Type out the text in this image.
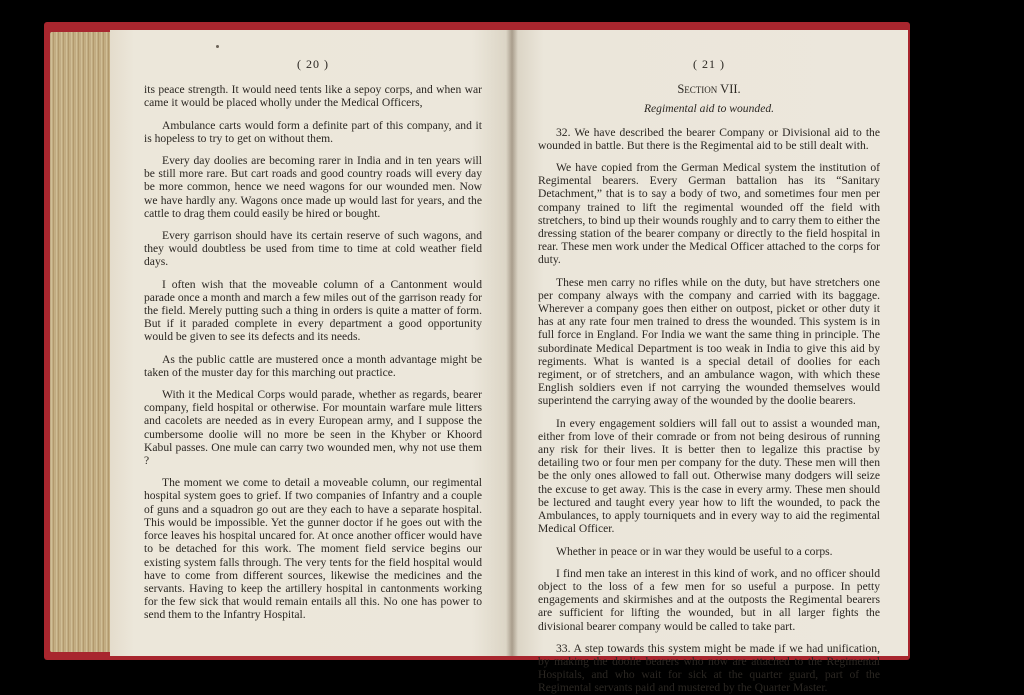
( 20 )

its peace strength. It would need tents like a sepoy corps, and when war came it would be placed wholly under the Medical Officers,

Ambulance carts would form a definite part of this company, and it is hopeless to try to get on without them.

Every day doolies are becoming rarer in India and in ten years will be still more rare. But cart roads and good country roads will every day be more common, hence we need wagons for our wounded men. Now we have hardly any. Wagons once made up would last for years, and the cattle to drag them could easily be hired or bought.

Every garrison should have its certain reserve of such wagons, and they would doubtless be used from time to time at cold weather field days.

I often wish that the moveable column of a Cantonment would parade once a month and march a few miles out of the garrison ready for the field. Merely putting such a thing in orders is quite a matter of form. But if it paraded complete in every department a good opportunity would be given to see its defects and its needs.

As the public cattle are mustered once a month advantage might be taken of the muster day for this marching out practice.

With it the Medical Corps would parade, whether as regards, bearer company, field hospital or otherwise. For mountain warfare mule litters and cacolets are needed as in every European army, and I suppose the cumbersome doolie will no more be seen in the Khyber or Khoord Kabul passes. One mule can carry two wounded men, why not use them ?

The moment we come to detail a moveable column, our regimental hospital system goes to grief. If two companies of Infantry and a couple of guns and a squadron go out are they each to have a separate hospital. This would be impossible. Yet the gunner doctor if he goes out with the force leaves his hospital uncared for. At once another officer would have to be detached for this work. The moment field service begins our existing system falls through. The very tents for the field hospital would have to come from different sources, likewise the medicines and the servants. Having to keep the artillery hospital in cantonments working for the few sick that would remain entails all this. No one has power to send them to the Infantry Hospital.

( 21 )
Section VII.
Regimental aid to wounded.

32. We have described the bearer Company or Divisional aid to the wounded in battle. But there is the Regimental aid to be still dealt with.

We have copied from the German Medical system the institution of Regimental bearers. Every German battalion has its “Sanitary Detachment,” that is to say a body of two, and sometimes four men per company trained to lift the regimental wounded off the field with stretchers, to bind up their wounds roughly and to carry them to either the dressing station of the bearer company or directly to the field hospital in rear. These men work under the Medical Officer attached to the corps for duty.

These men carry no rifles while on the duty, but have stretchers one per company always with the company and carried with its baggage. Wherever a company goes then either on outpost, picket or other duty it has at any rate four men trained to dress the wounded. This system is in full force in England. For India we want the same thing in principle. The subordinate Medical Department is too weak in India to give this aid by regiments. What is wanted is a special detail of doolies for each regiment, or of stretchers, and an ambulance wagon, with which these English soldiers even if not carrying the wounded themselves would superintend the carrying away of the wounded by the doolie bearers.

In every engagement soldiers will fall out to assist a wounded man, either from love of their comrade or from not being desirous of running any risk for their lives. It is better then to legalize this practise by detailing two or four men per company for the duty. These men will then be the only ones allowed to fall out. Otherwise many dodgers will seize the excuse to get away. This is the case in every army. These men should be lectured and taught every year how to lift the wounded, to pack the Ambulances, to apply tourniquets and in every way to aid the regimental Medical Officer.

Whether in peace or in war they would be useful to a corps.

I find men take an interest in this kind of work, and no officer should object to the loss of a few men for so useful a purpose. In petty engagements and skirmishes and at the outposts the Regimental bearers are sufficient for lifting the wounded, but in all larger fights the divisional bearer company would be called to take part.

33. A step towards this system might be made if we had unification, by making the doolie bearers who now are attached to the Regimental Hospitals, and who wait for sick at the quarter guard, part of the Regimental servants paid and mustered by the Quarter Master.
